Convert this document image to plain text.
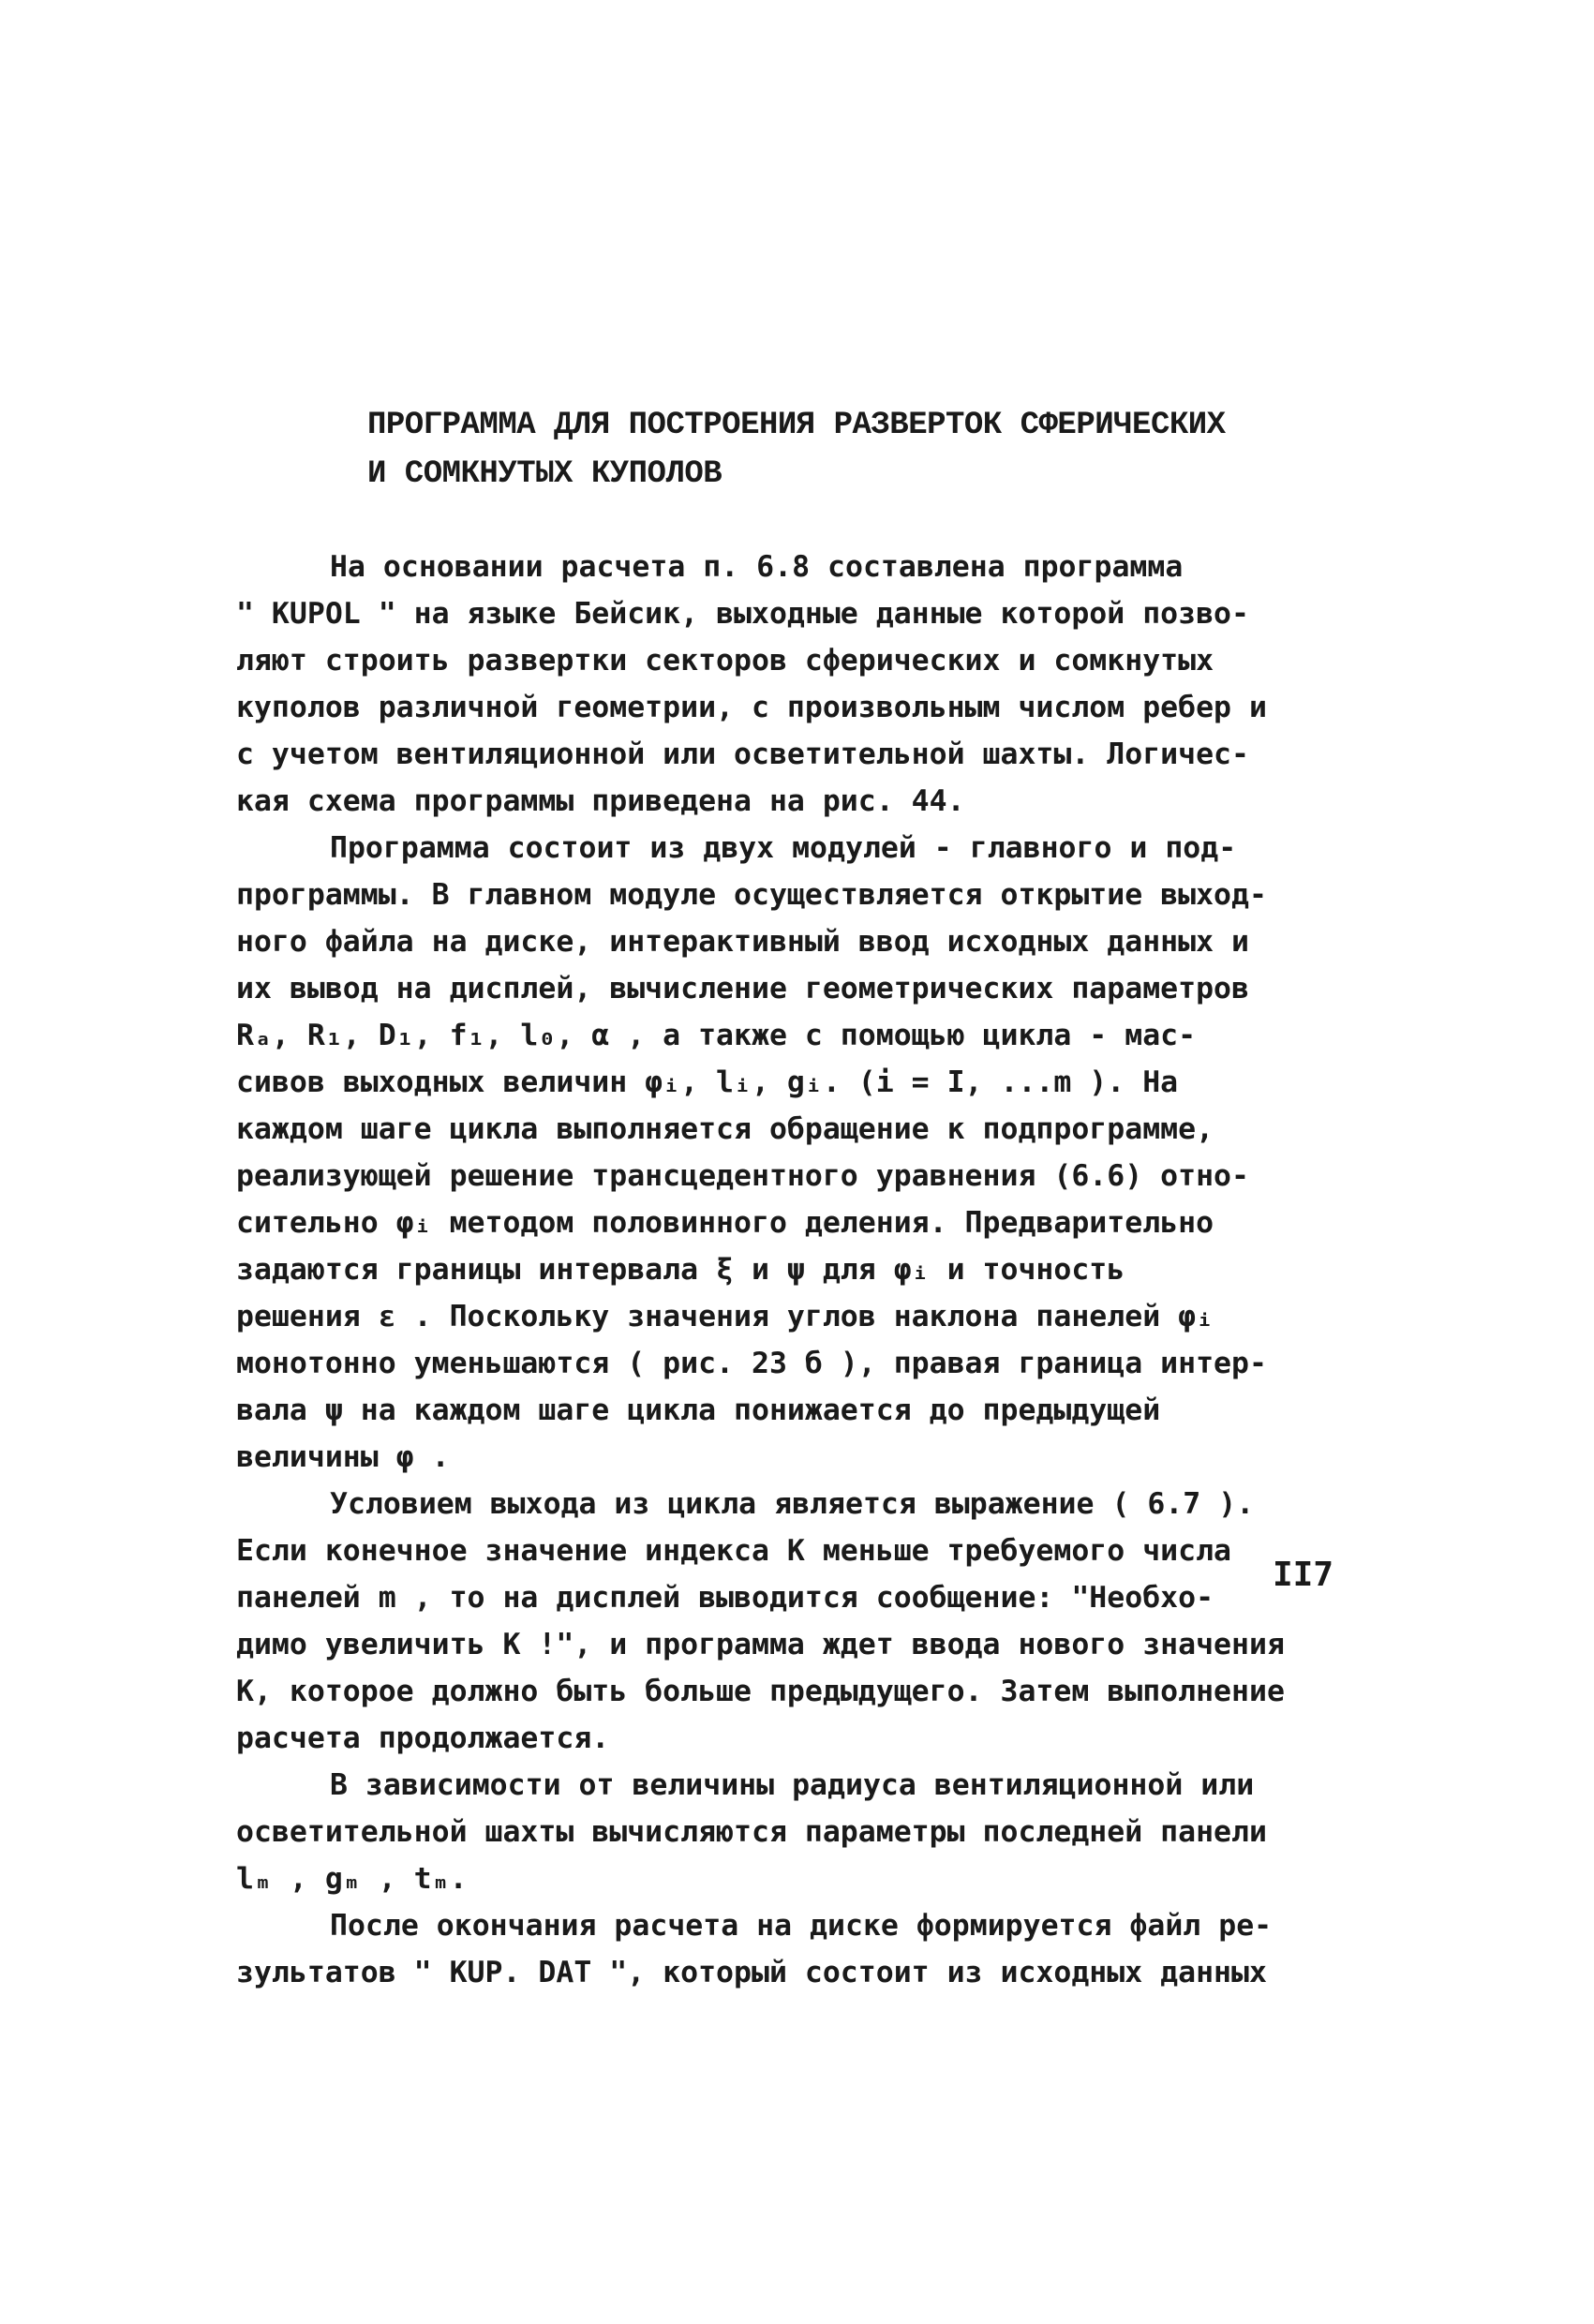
ПРОГРАММА ДЛЯ ПОСТРОЕНИЯ РАЗВЕРТОК СФЕРИЧЕСКИХ
И СОМКНУТЫХ КУПОЛОВ
На основании расчета п. 6.8 составлена программа
" KUPOL " на языке Бейсик, выходные данные которой позво-
ляют строить развертки секторов сферических и сомкнутых
куполов различной геометрии, с произвольным числом ребер и
с учетом вентиляционной или осветительной шахты. Логичес-
кая схема программы приведена на рис. 44.
Программа состоит из двух модулей - главного и под-
программы. В главном модуле осуществляется открытие выход-
ного файла на диске, интерактивный ввод исходных данных и
их вывод на дисплей, вычисление геометрических параметров
Rₐ, R₁, D₁, f₁, l₀, α , а также с помощью цикла - мас-
сивов выходных величин φᵢ, lᵢ, gᵢ. (i = I, ...m ). На
каждом шаге цикла выполняется обращение к подпрограмме,
реализующей решение трансцедентного уравнения (6.6) отно-
сительно φᵢ методом половинного деления. Предварительно
задаются границы интервала ξ и ψ для φᵢ и точность
решения ε . Поскольку значения углов наклона панелей φᵢ
монотонно уменьшаются ( рис. 23 б ), правая граница интер-
вала ψ на каждом шаге цикла понижается до предыдущей
величины φ .
Условием выхода из цикла является выражение ( 6.7 ).
Если конечное значение индекса К меньше требуемого числа
панелей m , то на дисплей выводится сообщение: "Необхо-
димо увеличить К !", и программа ждет ввода нового значения
К, которое должно быть больше предыдущего. Затем выполнение
расчета продолжается.
В зависимости от величины радиуса вентиляционной или
осветительной шахты вычисляются параметры последней панели
lₘ , gₘ , tₘ.
После окончания расчета на диске формируется файл ре-
зультатов " KUP. DAT ", который состоит из исходных данных
II7
